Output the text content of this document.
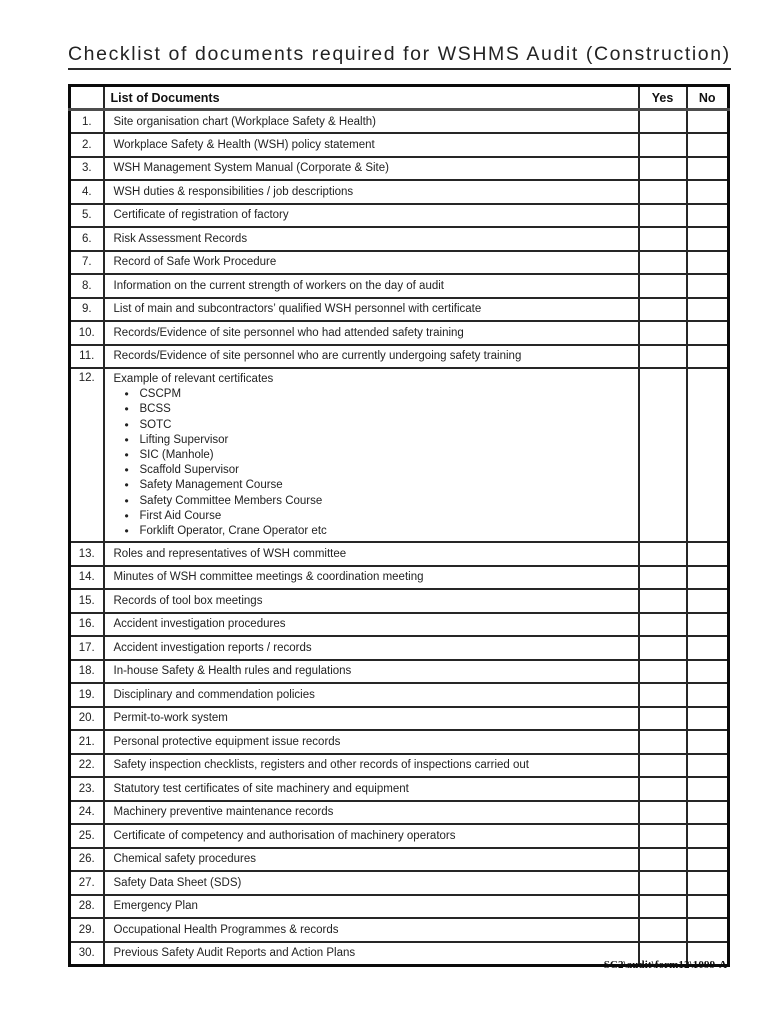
Checklist of documents required for WSHMS Audit (Construction)
	List of Documents	Yes	No
1.	Site organisation chart (Workplace Safety & Health)		
2.	Workplace Safety & Health (WSH) policy statement		
3.	WSH Management System Manual (Corporate & Site)		
4.	WSH duties & responsibilities / job descriptions		
5.	Certificate of registration of factory		
6.	Risk Assessment Records		
7.	Record of Safe Work Procedure		
8.	Information on the current strength of workers on the day of audit		
9.	List of main and subcontractors’ qualified WSH personnel with certificate		
10.	Records/Evidence of site personnel who had attended safety training		
11.	Records/Evidence of site personnel who are currently undergoing safety training		
12.	Example of relevant certificates
• CSCPM
• BCSS
• SOTC
• Lifting Supervisor
• SIC (Manhole)
• Scaffold Supervisor
• Safety Management Course
• Safety Committee Members Course
• First Aid Course
• Forklift Operator, Crane Operator etc

13.	Roles and representatives of WSH committee		
14.	Minutes of WSH committee meetings & coordination meeting		
15.	Records of tool box meetings		
16.	Accident investigation procedures		
17.	Accident investigation reports / records		
18.	In-house Safety & Health rules and regulations		
19.	Disciplinary and commendation policies		
20.	Permit-to-work system		
21.	Personal protective equipment issue records		
22.	Safety inspection checklists, registers and other records of inspections carried out		
23.	Statutory test certificates of site machinery and equipment		
24.	Machinery preventive maintenance records		
25.	Certificate of competency and authorisation of machinery operators		
26.	Chemical safety procedures		
27.	Safety Data Sheet (SDS)		
28.	Emergency Plan		
29.	Occupational Health Programmes & records		
30.	Previous Safety Audit Reports and Action Plans		
SC2\audit\form12\1099-A
